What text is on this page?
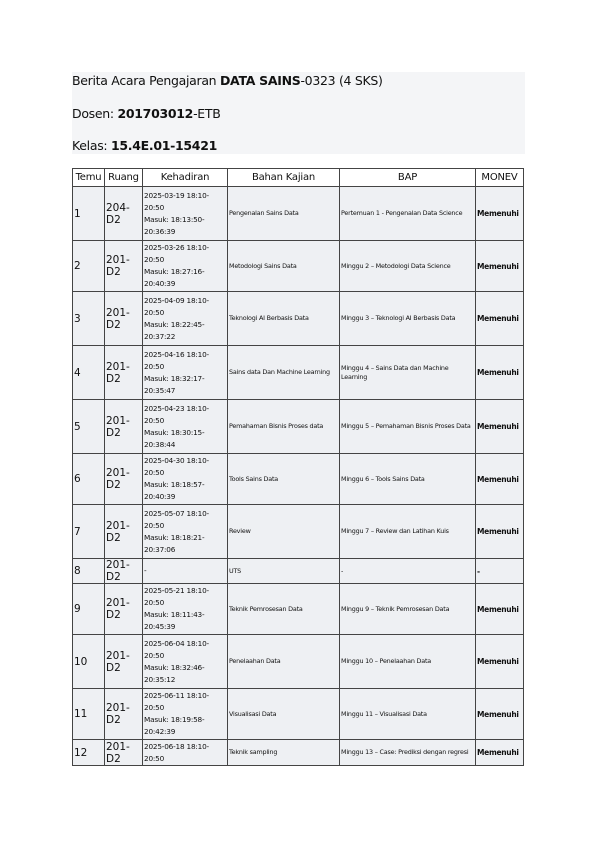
Berita Acara Pengajaran DATA SAINS-0323 (4 SKS)
Dosen: 201703012-ETB
Kelas: 15.4E.01-15421
Temu	Ruang	Kehadiran	Bahan Kajian	BAP	MONEV
1	204-D2	2025-03-19 18:10-20:50
Masuk: 18:13:50-20:36:39	Pengenalan Sains Data	Pertemuan 1 - Pengenalan Data Science	Memenuhi
2	201-D2	2025-03-26 18:10-20:50
Masuk: 18:27:16-20:40:39	Metodologi Sains Data	Minggu 2 – Metodologi Data Science	Memenuhi
3	201-D2	2025-04-09 18:10-20:50
Masuk: 18:22:45-20:37:22	Teknologi AI Berbasis Data	Minggu 3 – Teknologi AI Berbasis Data	Memenuhi
4	201-D2	2025-04-16 18:10-20:50
Masuk: 18:32:17-20:35:47	Sains data Dan Machine Learning	Minggu 4 – Sains Data dan Machine Learning	Memenuhi
5	201-D2	2025-04-23 18:10-20:50
Masuk: 18:30:15-20:38:44	Pemahaman Bisnis Proses data	Minggu 5 – Pemahaman Bisnis Proses Data	Memenuhi
6	201-D2	2025-04-30 18:10-20:50
Masuk: 18:18:57-20:40:39	Tools Sains Data	Minggu 6 – Tools Sains Data	Memenuhi
7	201-D2	2025-05-07 18:10-20:50
Masuk: 18:18:21-20:37:06	Review	Minggu 7 – Review dan Latihan Kuis	Memenuhi
8	201-D2	-	UTS	-	-
9	201-D2	2025-05-21 18:10-20:50
Masuk: 18:11:43-20:45:39	Teknik Pemrosesan Data	Minggu 9 – Teknik Pemrosesan Data	Memenuhi
10	201-D2	2025-06-04 18:10-20:50
Masuk: 18:32:46-20:35:12	Penelaahan Data	Minggu 10 – Penelaahan Data	Memenuhi
11	201-D2	2025-06-11 18:10-20:50
Masuk: 18:19:58-20:42:39	Visualisasi Data	Minggu 11 – Visualisasi Data	Memenuhi
12	201-D2	2025-06-18 18:10-20:50	Teknik sampling	Minggu 13 – Case: Prediksi dengan regresi	Memenuhi
